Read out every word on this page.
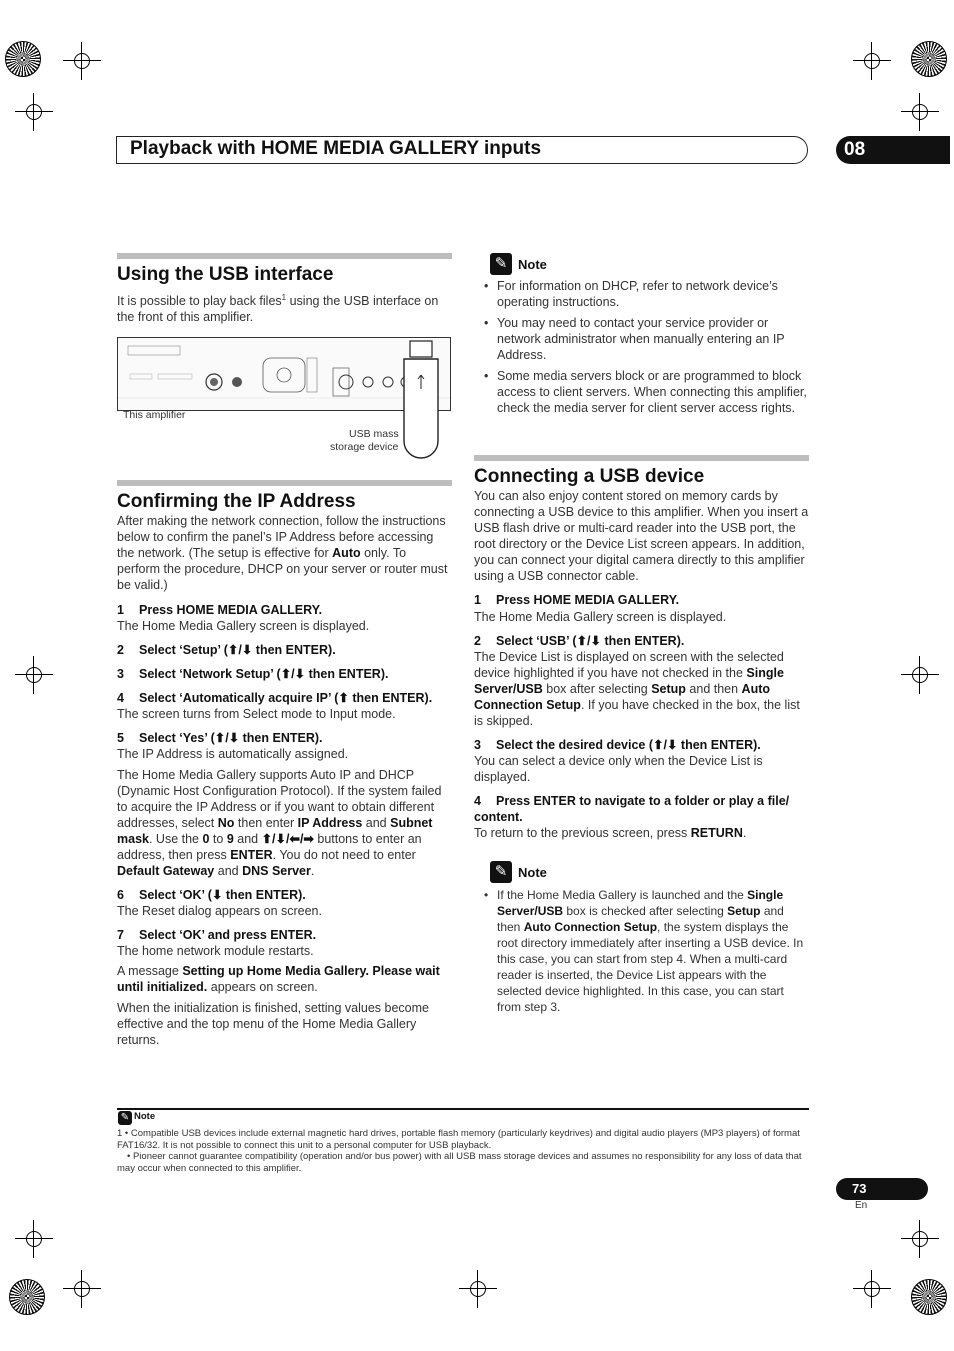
Playback with HOME MEDIA GALLERY inputs	08
Using the USB interface
It is possible to play back files$^1$ using the USB interface on the front of this amplifier.
This amplifier
USB mass
storage device
Confirming the IP Address
After making the network connection, follow the instructions below to confirm the panel’s IP Address before accessing the network. (The setup is effective for Auto only. To perform the procedure, DHCP on your server or router must be valid.)
1 Press HOME MEDIA GALLERY.
The Home Media Gallery screen is displayed.
2 Select ‘Setup’ (⬆/⬇ then ENTER).
3 Select ‘Network Setup’ (⬆/⬇ then ENTER).
4 Select ‘Automatically acquire IP’ (⬆ then ENTER).
The screen turns from Select mode to Input mode.
5 Select ‘Yes’ (⬆/⬇ then ENTER).
The IP Address is automatically assigned.
The Home Media Gallery supports Auto IP and DHCP (Dynamic Host Configuration Protocol). If the system failed to acquire the IP Address or if you want to obtain different addresses, select No then enter IP Address and Subnet mask. Use the 0 to 9 and ⬆/⬇/⬅/➡ buttons to enter an address, then press ENTER. You do not need to enter Default Gateway and DNS Server.
6 Select ‘OK’ (⬇ then ENTER).
The Reset dialog appears on screen.
7 Select ‘OK’ and press ENTER.
The home network module restarts.
A message Setting up Home Media Gallery. Please wait until initialized. appears on screen.
When the initialization is finished, setting values become effective and the top menu of the Home Media Gallery returns.
✎ Note
• For information on DHCP, refer to network device’s operating instructions.
• You may need to contact your service provider or network administrator when manually entering an IP Address.
• Some media servers block or are programmed to block access to client servers. When connecting this amplifier, check the media server for client server access rights.
Connecting a USB device
You can also enjoy content stored on memory cards by connecting a USB device to this amplifier. When you insert a USB flash drive or multi-card reader into the USB port, the root directory or the Device List screen appears. In addition, you can connect your digital camera directly to this amplifier using a USB connector cable.
1 Press HOME MEDIA GALLERY.
The Home Media Gallery screen is displayed.
2 Select ‘USB’ (⬆/⬇ then ENTER).
The Device List is displayed on screen with the selected device highlighted if you have not checked in the Single Server/USB box after selecting Setup and then Auto Connection Setup. If you have checked in the box, the list is skipped.
3 Select the desired device (⬆/⬇ then ENTER).
You can select a device only when the Device List is displayed.
4 Press ENTER to navigate to a folder or play a file/ content.
To return to the previous screen, press RETURN.
✎ Note
• If the Home Media Gallery is launched and the Single Server/USB box is checked after selecting Setup and then Auto Connection Setup, the system displays the root directory immediately after inserting a USB device. In this case, you can start from step 4. When a multi-card reader is inserted, the Device List appears with the selected device highlighted. In this case, you can start from step 3.
✎ Note
1 • Compatible USB devices include external magnetic hard drives, portable flash memory (particularly keydrives) and digital audio players (MP3 players) of format FAT16/32. It is not possible to connect this unit to a personal computer for USB playback.
• Pioneer cannot guarantee compatibility (operation and/or bus power) with all USB mass storage devices and assumes no responsibility for any loss of data that may occur when connected to this amplifier.
73
En
